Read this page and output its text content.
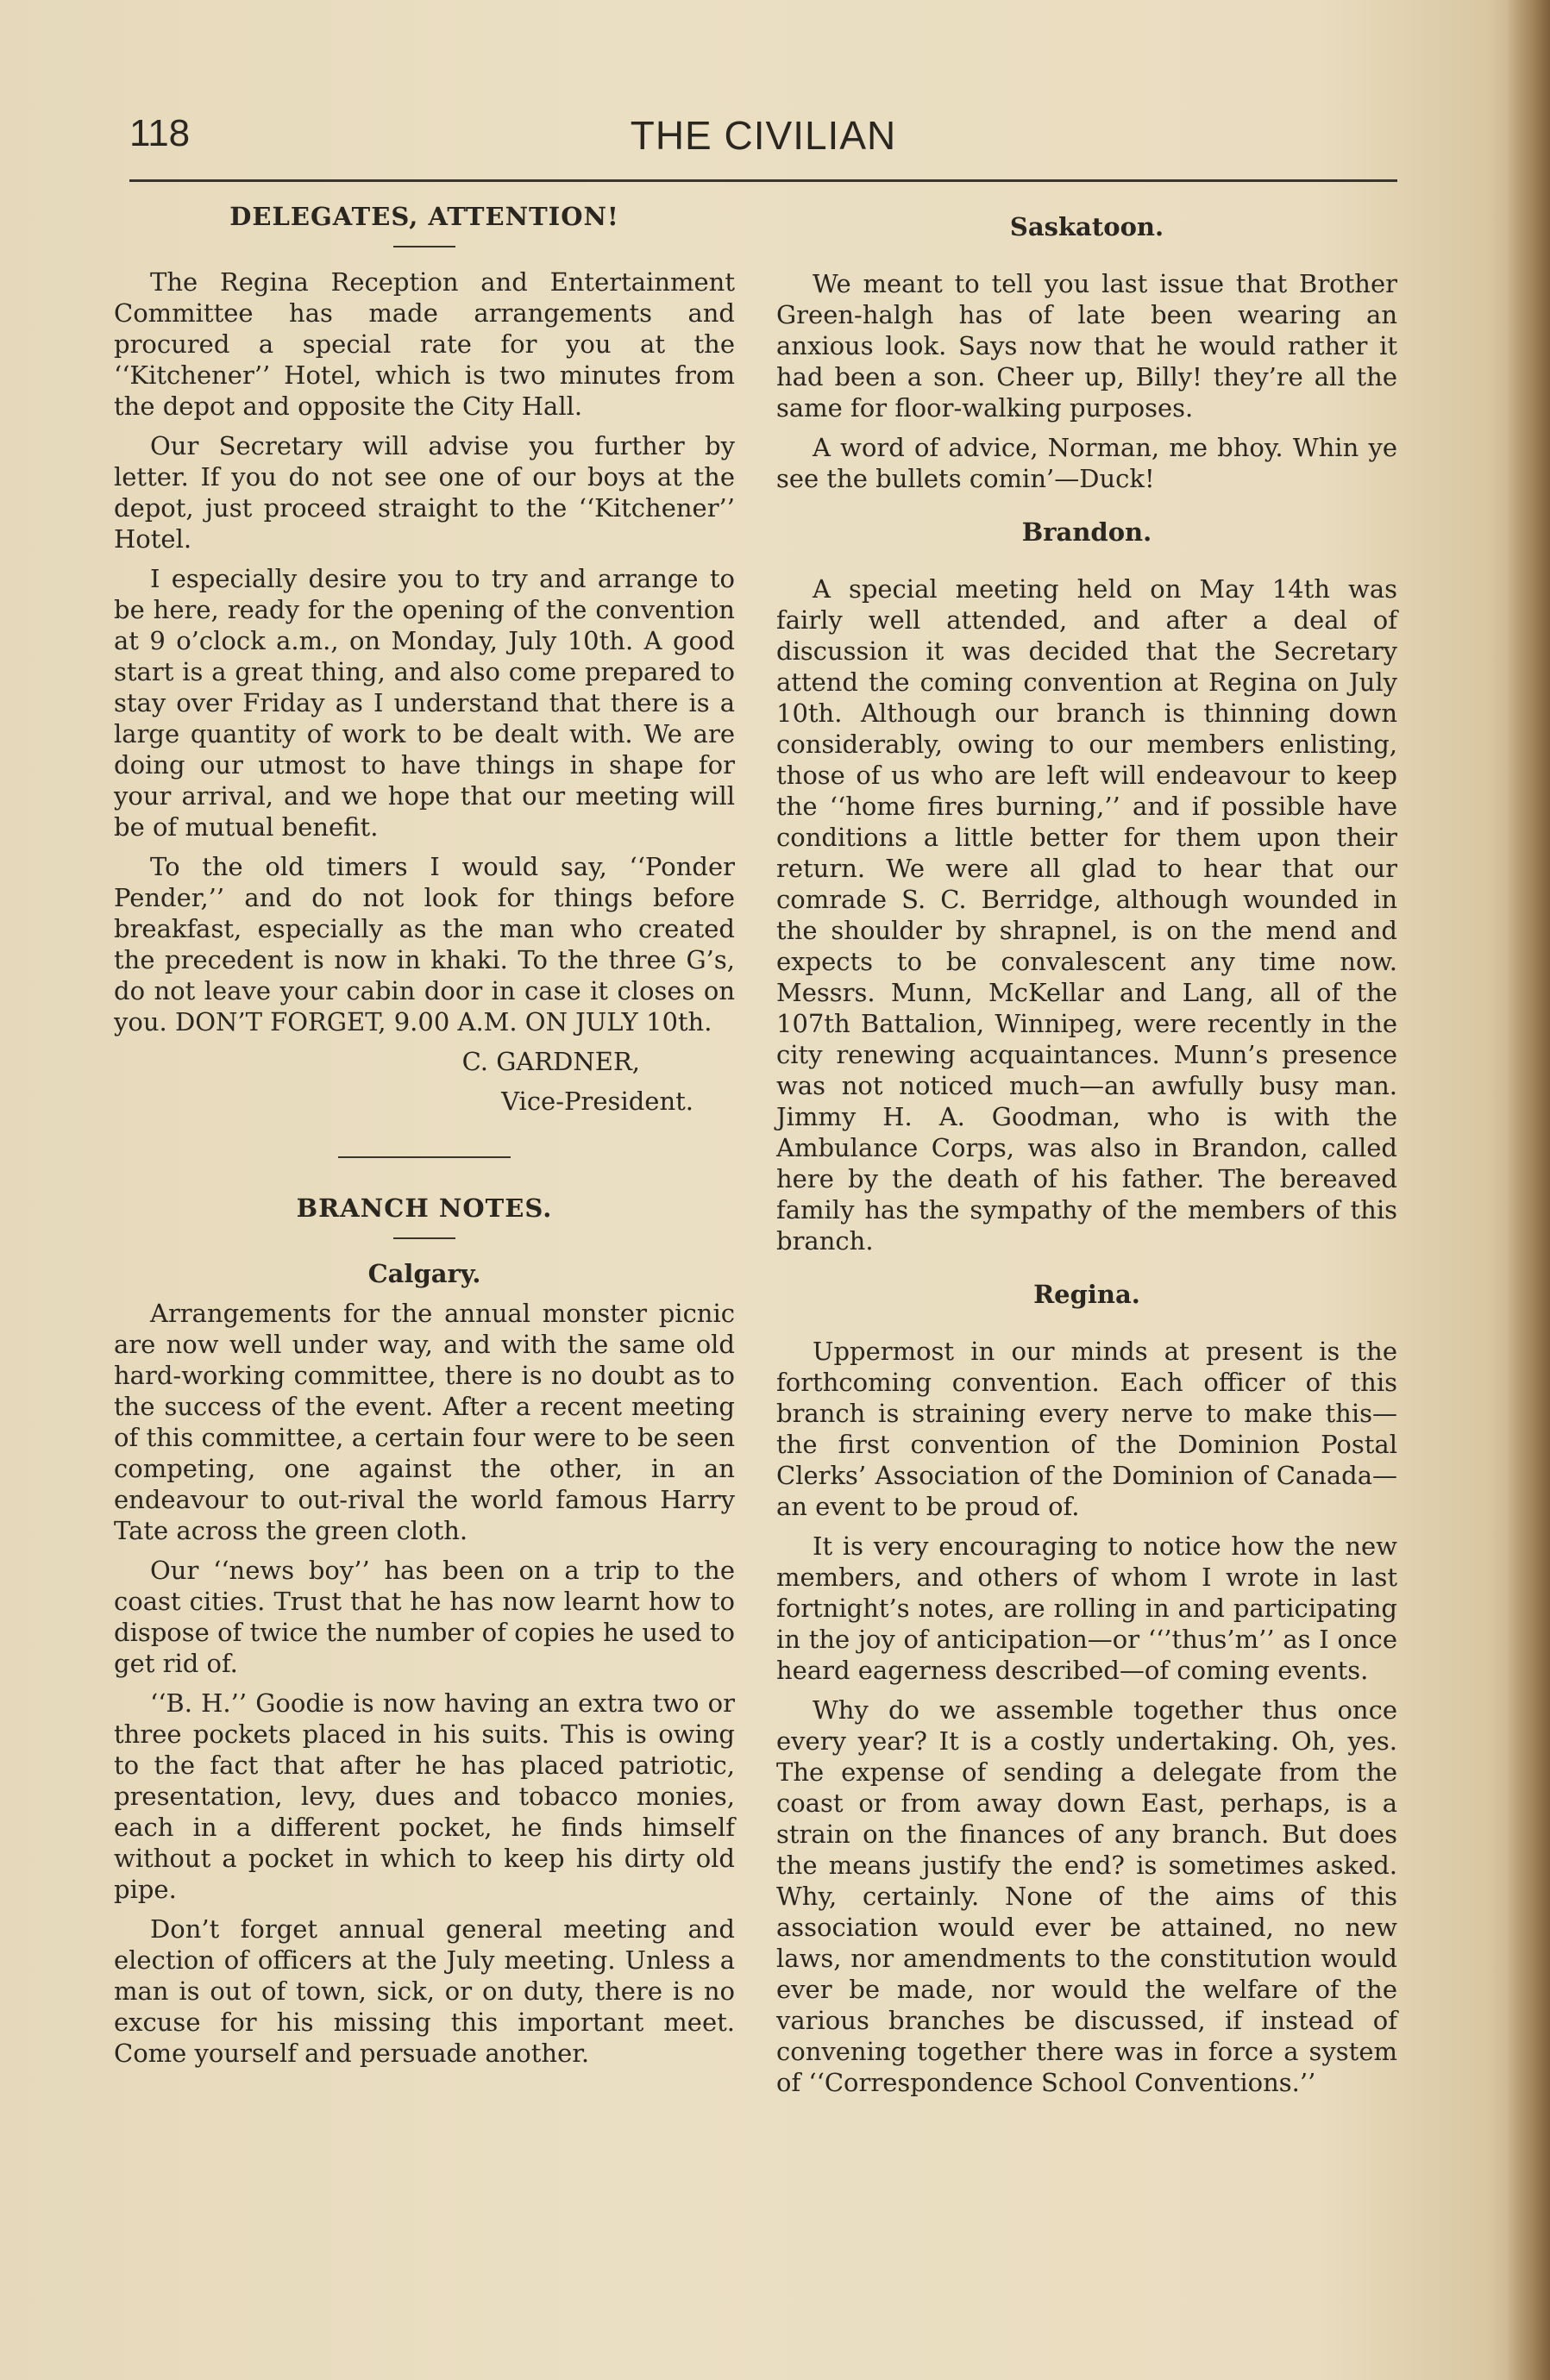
118	THE CIVILIAN
DELEGATES, ATTENTION!

The Regina Reception and Entertainment Committee has made arrangements and procured a special rate for you at the ‘‘Kitchener’’ Hotel, which is two minutes from the depot and opposite the City Hall.

Our Secretary will advise you further by letter. If you do not see one of our boys at the depot, just proceed straight to the ‘‘Kitchener’’ Hotel.

I especially desire you to try and arrange to be here, ready for the opening of the convention at 9 o’clock a.m., on Monday, July 10th. A good start is a great thing, and also come prepared to stay over Friday as I understand that there is a large quantity of work to be dealt with. We are doing our utmost to have things in shape for your arrival, and we hope that our meeting will be of mutual benefit.

To the old timers I would say, ‘‘Ponder Pender,’’ and do not look for things before breakfast, especially as the man who created the precedent is now in khaki. To the three G’s, do not leave your cabin door in case it closes on you. DON’T FORGET, 9.00 A.M. ON JULY 10th.

C. GARDNER,

Vice-President.

BRANCH NOTES.
Calgary.

Arrangements for the annual monster picnic are now well under way, and with the same old hard-working committee, there is no doubt as to the success of the event. After a recent meeting of this committee, a certain four were to be seen competing, one against the other, in an endeavour to out-rival the world famous Harry Tate across the green cloth.

Our ‘‘news boy’’ has been on a trip to the coast cities. Trust that he has now learnt how to dispose of twice the number of copies he used to get rid of.

‘‘B. H.’’ Goodie is now having an extra two or three pockets placed in his suits. This is owing to the fact that after he has placed patriotic, presentation, levy, dues and tobacco monies, each in a different pocket, he finds himself without a pocket in which to keep his dirty old pipe.

Don’t forget annual general meeting and election of officers at the July meeting. Unless a man is out of town, sick, or on duty, there is no excuse for his missing this important meet. Come yourself and persuade another.

Saskatoon.

We meant to tell you last issue that Brother Green-halgh has of late been wearing an anxious look. Says now that he would rather it had been a son. Cheer up, Billy! they’re all the same for floor-walking purposes.

A word of advice, Norman, me bhoy. Whin ye see the bullets comin’—Duck!

Brandon.

A special meeting held on May 14th was fairly well attended, and after a deal of discussion it was decided that the Secretary attend the coming convention at Regina on July 10th. Although our branch is thinning down considerably, owing to our members enlisting, those of us who are left will endeavour to keep the ‘‘home fires burning,’’ and if possible have conditions a little better for them upon their return. We were all glad to hear that our comrade S. C. Berridge, although wounded in the shoulder by shrapnel, is on the mend and expects to be convalescent any time now. Messrs. Munn, McKellar and Lang, all of the 107th Battalion, Winnipeg, were recently in the city renewing acquaintances. Munn’s presence was not noticed much—an awfully busy man. Jimmy H. A. Goodman, who is with the Ambulance Corps, was also in Brandon, called here by the death of his father. The bereaved family has the sympathy of the members of this branch.

Regina.

Uppermost in our minds at present is the forthcoming convention. Each officer of this branch is straining every nerve to make this—the first convention of the Dominion Postal Clerks’ Association of the Dominion of Canada—an event to be proud of.

It is very encouraging to notice how the new members, and others of whom I wrote in last fortnight’s notes, are rolling in and participating in the joy of anticipation—or ‘‘’thus’m’’ as I once heard eagerness described—of coming events.

Why do we assemble together thus once every year? It is a costly undertaking. Oh, yes. The expense of sending a delegate from the coast or from away down East, perhaps, is a strain on the finances of any branch. But does the means justify the end? is sometimes asked. Why, certainly. None of the aims of this association would ever be attained, no new laws, nor amendments to the constitution would ever be made, nor would the welfare of the various branches be discussed, if instead of convening together there was in force a system of ‘‘Correspondence School Conventions.’’
